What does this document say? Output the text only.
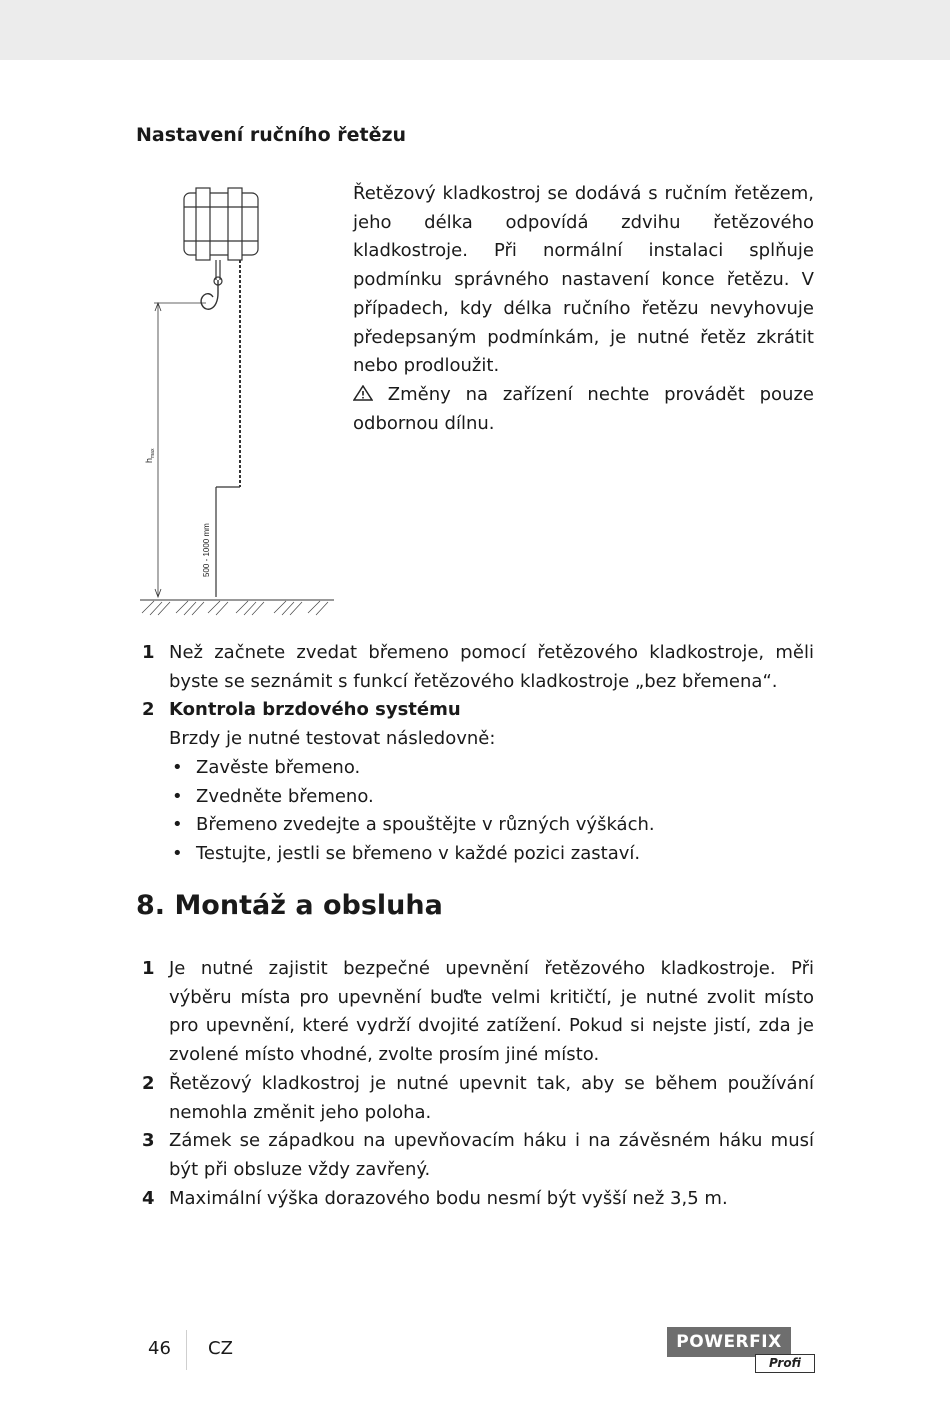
Nastavení ručního řetězu
$h_{max}$
500 - 1000 mm

Řetězový kladkostroj se dodává s ručním řetězem, jeho délka odpovídá zdvihu řetězového kladkostroje. Při normální instalaci splňuje podmínku správného nastavení konce řetězu. V případech, kdy délka ručního řetězu nevyhovuje předepsaným podmínkám, je nutné řetěz zkrátit nebo prodloužit.

Změny na zařízení nechte provádět pouze odbornou dílnu.

1 Než začnete zvedat břemeno pomocí řetězového kladkostroje, měli byste se seznámit s funkcí řetězového kladkostroje „bez břemena“.
2 Kontrola brzdového systému
Brzdy je nutné testovat následovně:
• Zavěste břemeno.
• Zvedněte břemeno.
• Břemeno zvedejte a spouštějte v různých výškách.
• Testujte, jestli se břemeno v každé pozici zastaví.
8. Montáž a obsluha
1 Je nutné zajistit bezpečné upevnění řetězového kladkostroje. Při výběru místa pro upevnění buďte velmi kritičtí, je nutné zvolit místo pro upevnění, které vydrží dvojité zatížení. Pokud si nejste jistí, zda je zvolené místo vhodné, zvolte prosím jiné místo.
2 Řetězový kladkostroj je nutné upevnit tak, aby se během používání nemohla změnit jeho poloha.
3 Zámek se západkou na upevňovacím háku i na závěsném háku musí být při obsluze vždy zavřený.
4 Maximální výška dorazového bodu nesmí být vyšší než 3,5 m.
46 CZ	POWERFIX
Profi
